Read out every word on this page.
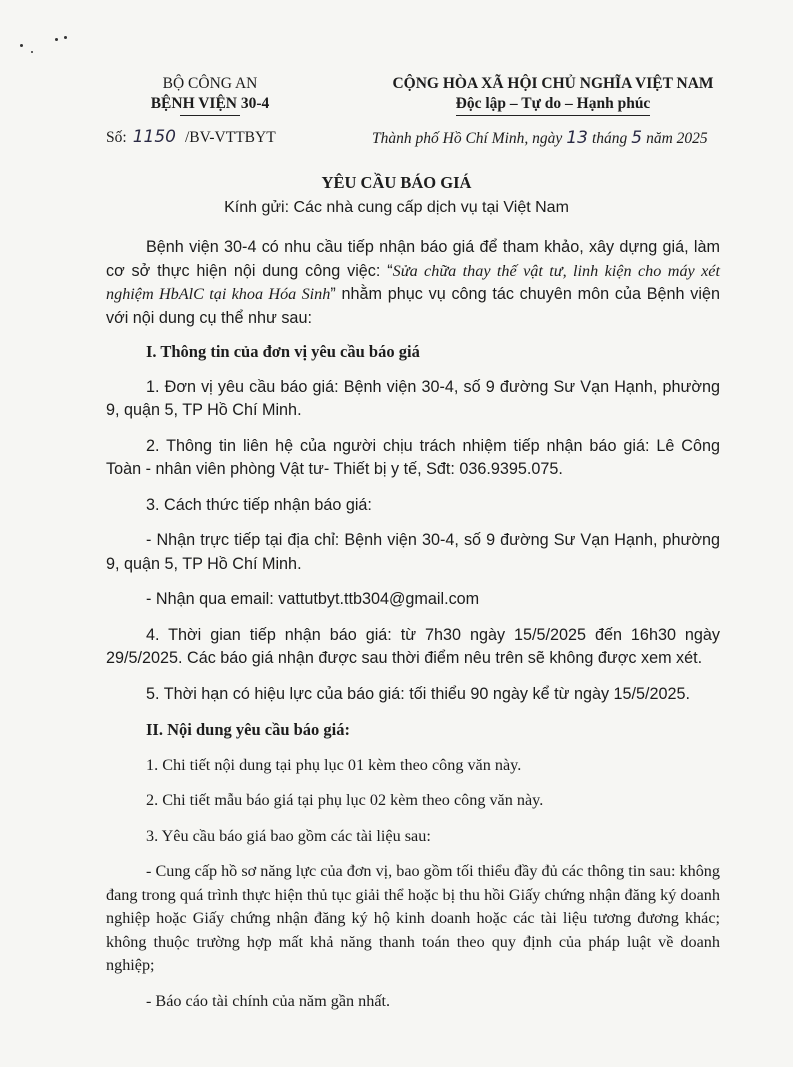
BỘ CÔNG AN
BỆNH VIỆN 30-4
CỘNG HÒA XÃ HỘI CHỦ NGHĨA VIỆT NAM
Độc lập – Tự do – Hạnh phúc
Số: 1150 /BV-VTTBYT	Thành phố Hồ Chí Minh, ngày 13 tháng 5 năm 2025
YÊU CẦU BÁO GIÁ
Kính gửi: Các nhà cung cấp dịch vụ tại Việt Nam

Bệnh viện 30-4 có nhu cầu tiếp nhận báo giá để tham khảo, xây dựng giá, làm cơ sở thực hiện nội dung công việc: “Sửa chữa thay thế vật tư, linh kiện cho máy xét nghiệm HbAlC tại khoa Hóa Sinh” nhằm phục vụ công tác chuyên môn của Bệnh viện với nội dung cụ thể như sau:

I. Thông tin của đơn vị yêu cầu báo giá

1. Đơn vị yêu cầu báo giá: Bệnh viện 30-4, số 9 đường Sư Vạn Hạnh, phường 9, quận 5, TP Hồ Chí Minh.

2. Thông tin liên hệ của người chịu trách nhiệm tiếp nhận báo giá: Lê Công Toàn - nhân viên phòng Vật tư- Thiết bị y tế, Sđt: 036.9395.075.

3. Cách thức tiếp nhận báo giá:

- Nhận trực tiếp tại địa chỉ: Bệnh viện 30-4, số 9 đường Sư Vạn Hạnh, phường 9, quận 5, TP Hồ Chí Minh.

- Nhận qua email: vattutbyt.ttb304@gmail.com

4. Thời gian tiếp nhận báo giá: từ 7h30 ngày 15/5/2025 đến 16h30 ngày 29/5/2025. Các báo giá nhận được sau thời điểm nêu trên sẽ không được xem xét.

5. Thời hạn có hiệu lực của báo giá: tối thiểu 90 ngày kể từ ngày 15/5/2025.

II. Nội dung yêu cầu báo giá:

1. Chi tiết nội dung tại phụ lục 01 kèm theo công văn này.

2. Chi tiết mẫu báo giá tại phụ lục 02 kèm theo công văn này.

3. Yêu cầu báo giá bao gồm các tài liệu sau:

- Cung cấp hồ sơ năng lực của đơn vị, bao gồm tối thiểu đầy đủ các thông tin sau: không đang trong quá trình thực hiện thủ tục giải thể hoặc bị thu hồi Giấy chứng nhận đăng ký doanh nghiệp hoặc Giấy chứng nhận đăng ký hộ kinh doanh hoặc các tài liệu tương đương khác; không thuộc trường hợp mất khả năng thanh toán theo quy định của pháp luật về doanh nghiệp;

- Báo cáo tài chính của năm gần nhất.
